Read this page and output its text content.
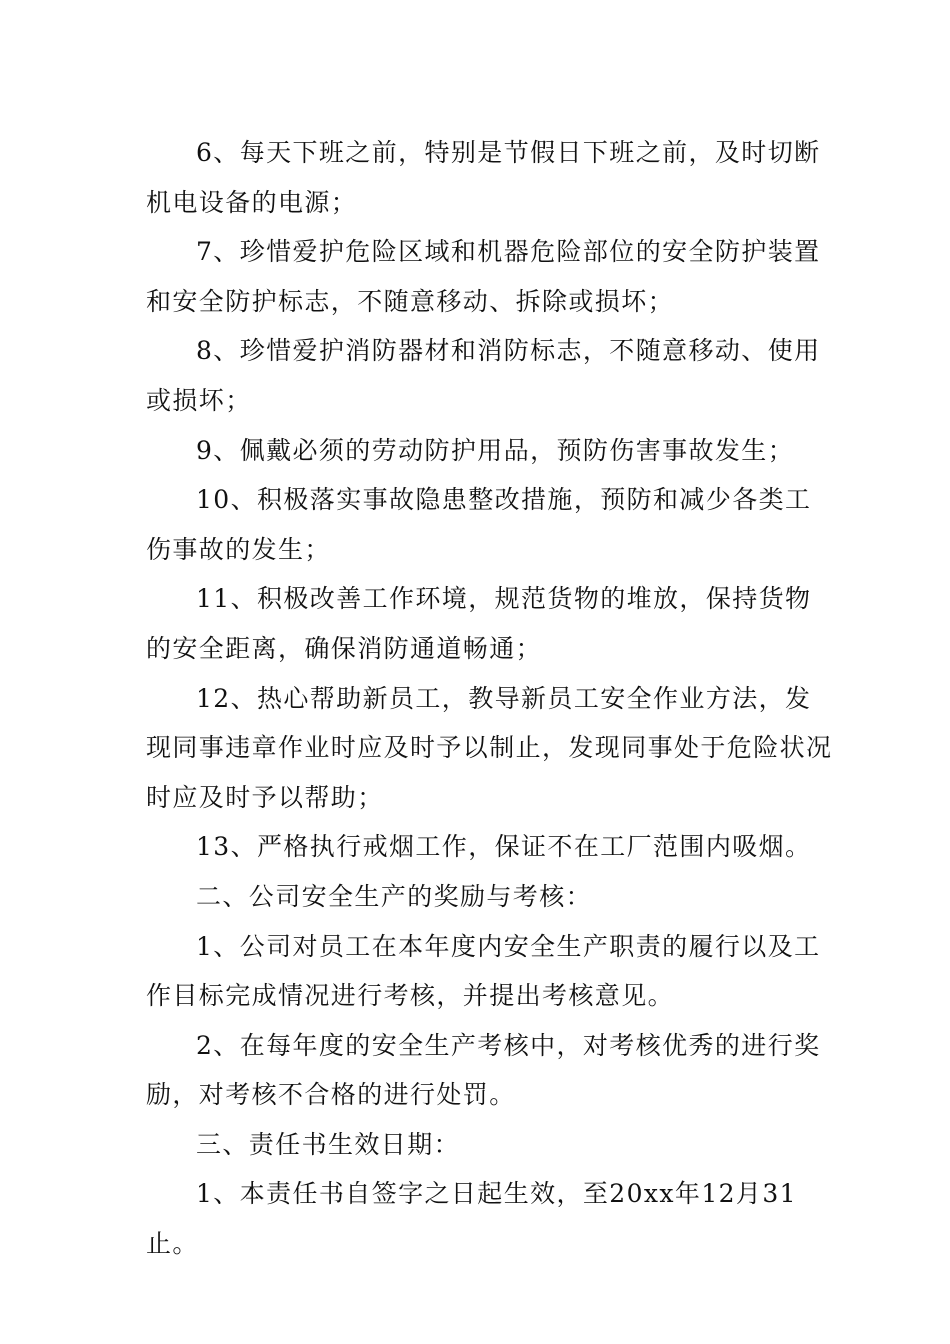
6、每天下班之前，特别是节假日下班之前，及时切断机电设备的电源；

7、珍惜爱护危险区域和机器危险部位的安全防护装置和安全防护标志，不随意移动、拆除或损坏；

8、珍惜爱护消防器材和消防标志，不随意移动、使用或损坏；

9、佩戴必须的劳动防护用品，预防伤害事故发生；

10、积极落实事故隐患整改措施，预防和减少各类工伤事故的发生；

11、积极改善工作环境，规范货物的堆放，保持货物的安全距离，确保消防通道畅通；

12、热心帮助新员工，教导新员工安全作业方法，发现同事违章作业时应及时予以制止，发现同事处于危险状况时应及时予以帮助；

13、严格执行戒烟工作，保证不在工厂范围内吸烟。

二、公司安全生产的奖励与考核：

1、公司对员工在本年度内安全生产职责的履行以及工作目标完成情况进行考核，并提出考核意见。

2、在每年度的安全生产考核中，对考核优秀的进行奖励，对考核不合格的进行处罚。

三、责任书生效日期：

1、本责任书自签字之日起生效，至20xx年12月31止。
